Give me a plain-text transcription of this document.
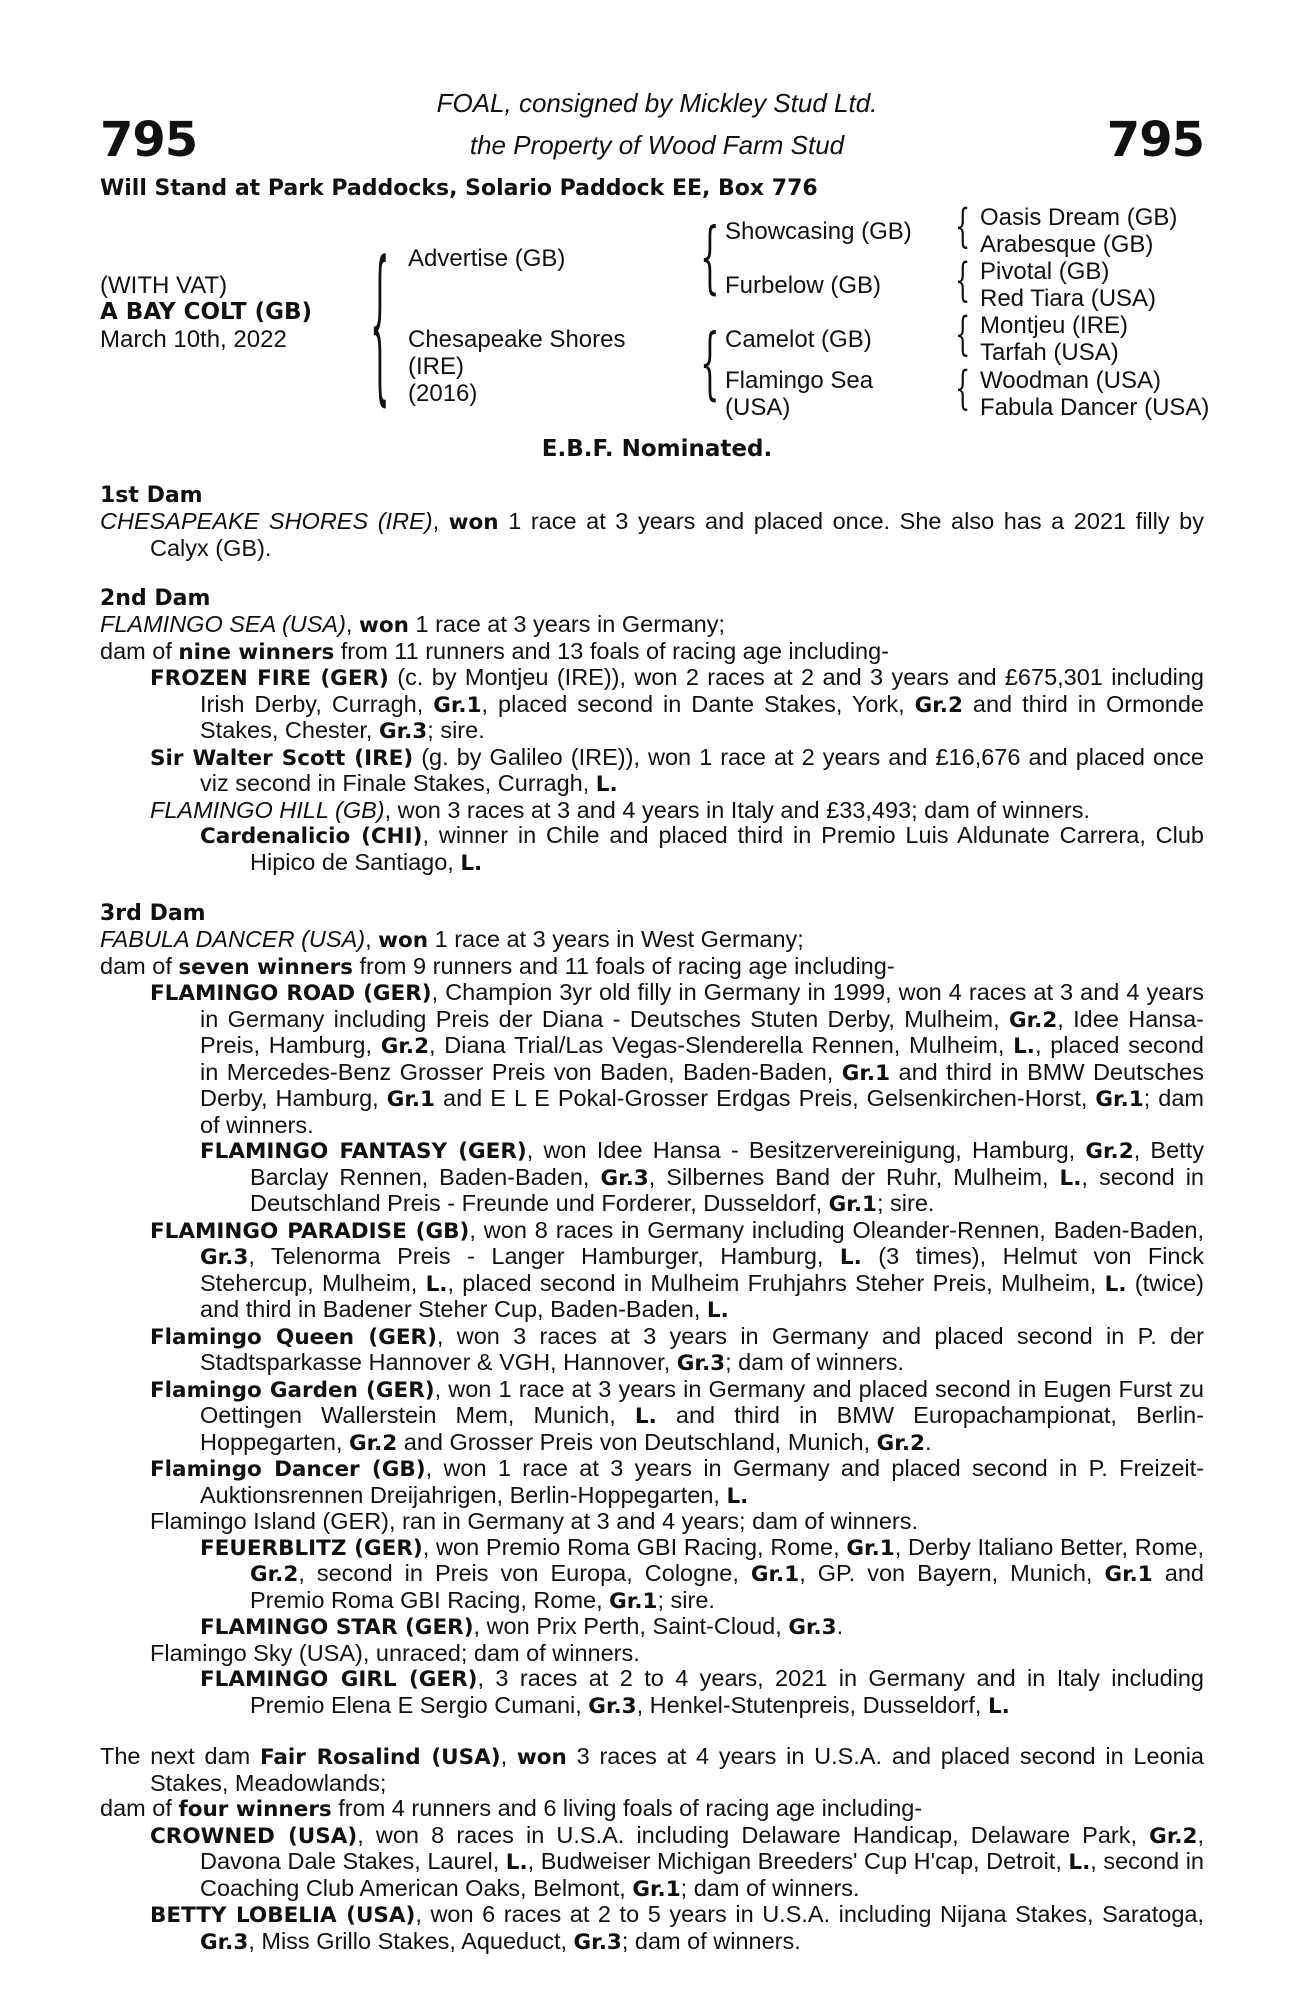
795	795
FOAL, consigned by Mickley Stud Ltd.
the Property of Wood Farm Stud
Will Stand at Park Paddocks, Solario Paddock EE, Box 776
(WITH VAT)
A BAY COLT (GB)
March 10th, 2022 {	{
{
{
{
{
{
Advertise (GB)
Chesapeake Shores
(IRE)
(2016)
Showcasing (GB)
Furbelow (GB)
Camelot (GB)
Flamingo Sea
(USA)
Oasis Dream (GB)
Arabesque (GB)
Pivotal (GB)
Red Tiara (USA)
Montjeu (IRE)
Tarfah (USA)
Woodman (USA)
Fabula Dancer (USA)
E.B.F. Nominated.
1st Dam
CHESAPEAKE SHORES (IRE), won 1 race at 3 years and placed once. She also has a 2021 filly by Calyx (GB).
2nd Dam
FLAMINGO SEA (USA), won 1 race at 3 years in Germany;
dam of nine winners from 11 runners and 13 foals of racing age including-
FROZEN FIRE (GER) (c. by Montjeu (IRE)), won 2 races at 2 and 3 years and £675,301 including Irish Derby, Curragh, Gr.1, placed second in Dante Stakes, York, Gr.2 and third in Ormonde Stakes, Chester, Gr.3; sire.
Sir Walter Scott (IRE) (g. by Galileo (IRE)), won 1 race at 2 years and £16,676 and placed once viz second in Finale Stakes, Curragh, L.
FLAMINGO HILL (GB), won 3 races at 3 and 4 years in Italy and £33,493; dam of winners.
Cardenalicio (CHI), winner in Chile and placed third in Premio Luis Aldunate Carrera, Club Hipico de Santiago, L.
3rd Dam
FABULA DANCER (USA), won 1 race at 3 years in West Germany;
dam of seven winners from 9 runners and 11 foals of racing age including-
FLAMINGO ROAD (GER), Champion 3yr old filly in Germany in 1999, won 4 races at 3 and 4 years in Germany including Preis der Diana - Deutsches Stuten Derby, Mulheim, Gr.2, Idee Hansa-Preis, Hamburg, Gr.2, Diana Trial/Las Vegas-Slenderella Rennen, Mulheim, L., placed second in Mercedes-Benz Grosser Preis von Baden, Baden-Baden, Gr.1 and third in BMW Deutsches Derby, Hamburg, Gr.1 and E L E Pokal-Grosser Erdgas Preis, Gelsenkirchen-Horst, Gr.1; dam of winners.
FLAMINGO FANTASY (GER), won Idee Hansa - Besitzervereinigung, Hamburg, Gr.2, Betty Barclay Rennen, Baden-Baden, Gr.3, Silbernes Band der Ruhr, Mulheim, L., second in Deutschland Preis - Freunde und Forderer, Dusseldorf, Gr.1; sire.
FLAMINGO PARADISE (GB), won 8 races in Germany including Oleander-Rennen, Baden-Baden, Gr.3, Telenorma Preis - Langer Hamburger, Hamburg, L. (3 times), Helmut von Finck Stehercup, Mulheim, L., placed second in Mulheim Fruhjahrs Steher Preis, Mulheim, L. (twice) and third in Badener Steher Cup, Baden-Baden, L.
Flamingo Queen (GER), won 3 races at 3 years in Germany and placed second in P. der Stadtsparkasse Hannover & VGH, Hannover, Gr.3; dam of winners.
Flamingo Garden (GER), won 1 race at 3 years in Germany and placed second in Eugen Furst zu Oettingen Wallerstein Mem, Munich, L. and third in BMW Europachampionat, Berlin-Hoppegarten, Gr.2 and Grosser Preis von Deutschland, Munich, Gr.2.
Flamingo Dancer (GB), won 1 race at 3 years in Germany and placed second in P. Freizeit-Auktionsrennen Dreijahrigen, Berlin-Hoppegarten, L.
Flamingo Island (GER), ran in Germany at 3 and 4 years; dam of winners.
FEUERBLITZ (GER), won Premio Roma GBI Racing, Rome, Gr.1, Derby Italiano Better, Rome, Gr.2, second in Preis von Europa, Cologne, Gr.1, GP. von Bayern, Munich, Gr.1 and Premio Roma GBI Racing, Rome, Gr.1; sire.
FLAMINGO STAR (GER), won Prix Perth, Saint-Cloud, Gr.3.
Flamingo Sky (USA), unraced; dam of winners.
FLAMINGO GIRL (GER), 3 races at 2 to 4 years, 2021 in Germany and in Italy including Premio Elena E Sergio Cumani, Gr.3, Henkel-Stutenpreis, Dusseldorf, L.
The next dam Fair Rosalind (USA), won 3 races at 4 years in U.S.A. and placed second in Leonia Stakes, Meadowlands;
dam of four winners from 4 runners and 6 living foals of racing age including-
CROWNED (USA), won 8 races in U.S.A. including Delaware Handicap, Delaware Park, Gr.2, Davona Dale Stakes, Laurel, L., Budweiser Michigan Breeders' Cup H'cap, Detroit, L., second in Coaching Club American Oaks, Belmont, Gr.1; dam of winners.
BETTY LOBELIA (USA), won 6 races at 2 to 5 years in U.S.A. including Nijana Stakes, Saratoga, Gr.3, Miss Grillo Stakes, Aqueduct, Gr.3; dam of winners.
